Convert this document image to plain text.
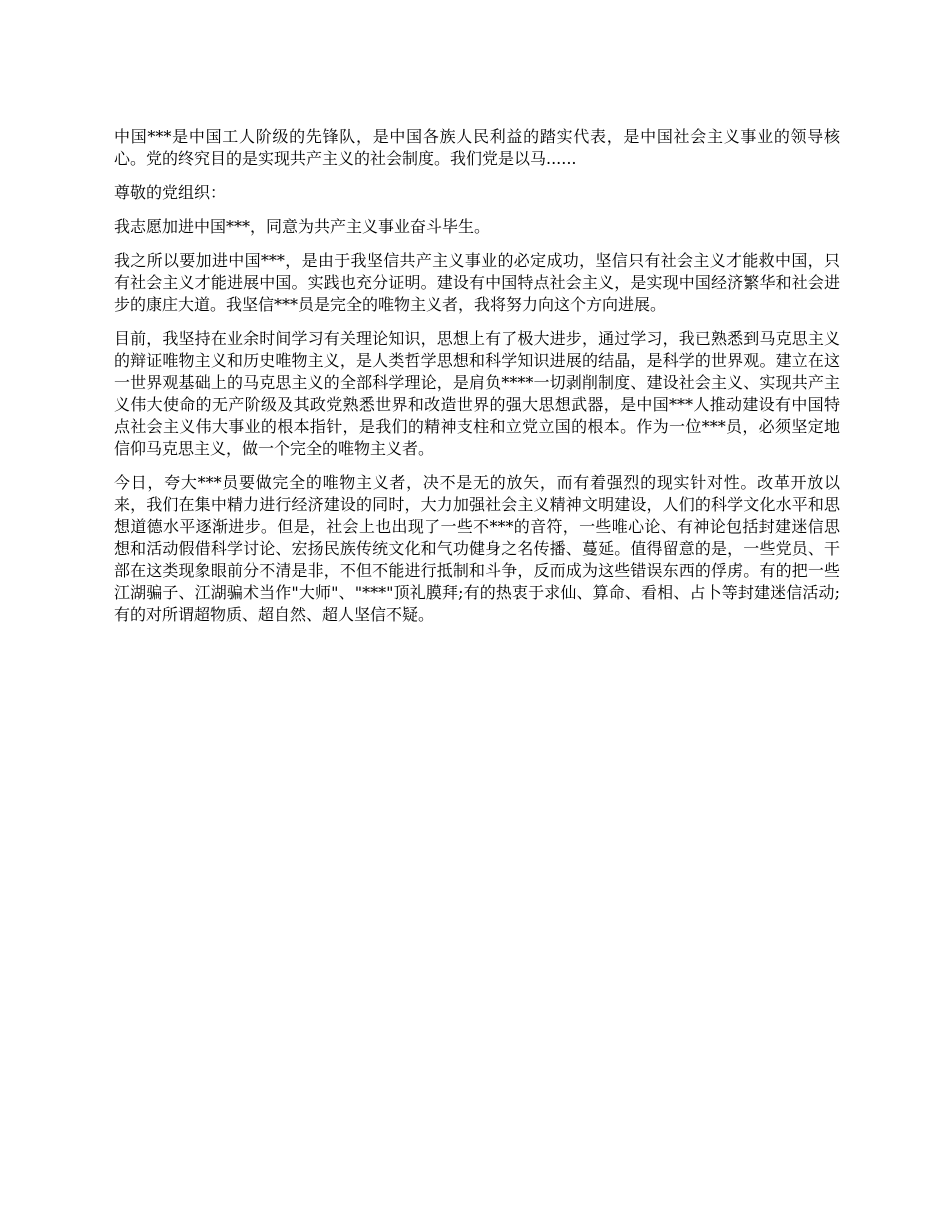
中国***是中国工人阶级的先锋队，是中国各族人民利益的踏实代表，是中国社会主义事业的领导核心。党的终究目的是实现共产主义的社会制度。我们党是以马......

尊敬的党组织：

我志愿加进中国***，同意为共产主义事业奋斗毕生。

我之所以要加进中国***，是由于我坚信共产主义事业的必定成功，坚信只有社会主义才能救中国，只有社会主义才能进展中国。实践也充分证明。建设有中国特点社会主义，是实现中国经济繁华和社会进步的康庄大道。我坚信***员是完全的唯物主义者，我将努力向这个方向进展。

目前，我坚持在业余时间学习有关理论知识，思想上有了极大进步，通过学习，我已熟悉到马克思主义的辩证唯物主义和历史唯物主义，是人类哲学思想和科学知识进展的结晶，是科学的世界观。建立在这一世界观基础上的马克思主义的全部科学理论，是肩负****一切剥削制度、建设社会主义、实现共产主义伟大使命的无产阶级及其政党熟悉世界和改造世界的强大思想武器，是中国***人推动建设有中国特点社会主义伟大事业的根本指针，是我们的精神支柱和立党立国的根本。作为一位***员，必须坚定地信仰马克思主义，做一个完全的唯物主义者。

今日，夸大***员要做完全的唯物主义者，决不是无的放矢，而有着强烈的现实针对性。改革开放以来，我们在集中精力进行经济建设的同时，大力加强社会主义精神文明建设，人们的科学文化水平和思想道德水平逐渐进步。但是，社会上也出现了一些不***的音符，一些唯心论、有神论包括封建迷信思想和活动假借科学讨论、宏扬民族传统文化和气功健身之名传播、蔓延。值得留意的是，一些党员、干部在这类现象眼前分不清是非，不但不能进行抵制和斗争，反而成为这些错误东西的俘虏。有的把一些江湖骗子、江湖骗术当作"大师"、"***"顶礼膜拜;有的热衷于求仙、算命、看相、占卜等封建迷信活动;有的对所谓超物质、超自然、超人坚信不疑。
